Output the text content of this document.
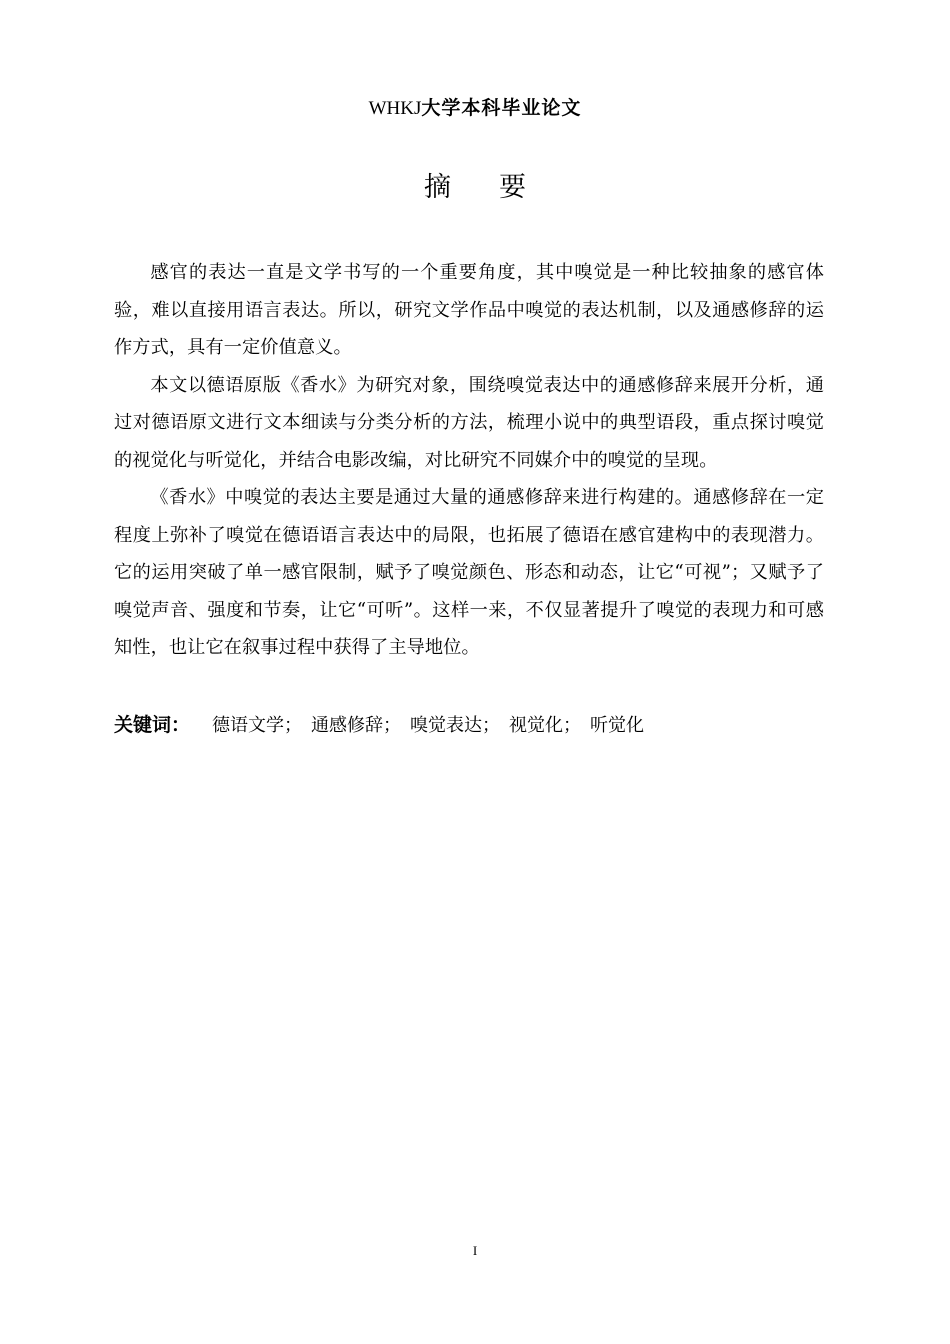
WHKJ大学本科毕业论文
摘 要

感官的表达一直是文学书写的一个重要角度，其中嗅觉是一种比较抽象的感官体验，难以直接用语言表达。所以，研究文学作品中嗅觉的表达机制，以及通感修辞的运作方式，具有一定价值意义。

本文以德语原版《香水》为研究对象，围绕嗅觉表达中的通感修辞来展开分析，通过对德语原文进行文本细读与分类分析的方法，梳理小说中的典型语段，重点探讨嗅觉的视觉化与听觉化，并结合电影改编，对比研究不同媒介中的嗅觉的呈现。

《香水》中嗅觉的表达主要是通过大量的通感修辞来进行构建的。通感修辞在一定程度上弥补了嗅觉在德语语言表达中的局限，也拓展了德语在感官建构中的表现潜力。它的运用突破了单一感官限制，赋予了嗅觉颜色、形态和动态，让它“可视”；又赋予了嗅觉声音、强度和节奏，让它“可听”。这样一来，不仅显著提升了嗅觉的表现力和可感知性，也让它在叙事过程中获得了主导地位。

关键词： 德语文学；　通感修辞；　嗅觉表达；　视觉化；　听觉化
I
